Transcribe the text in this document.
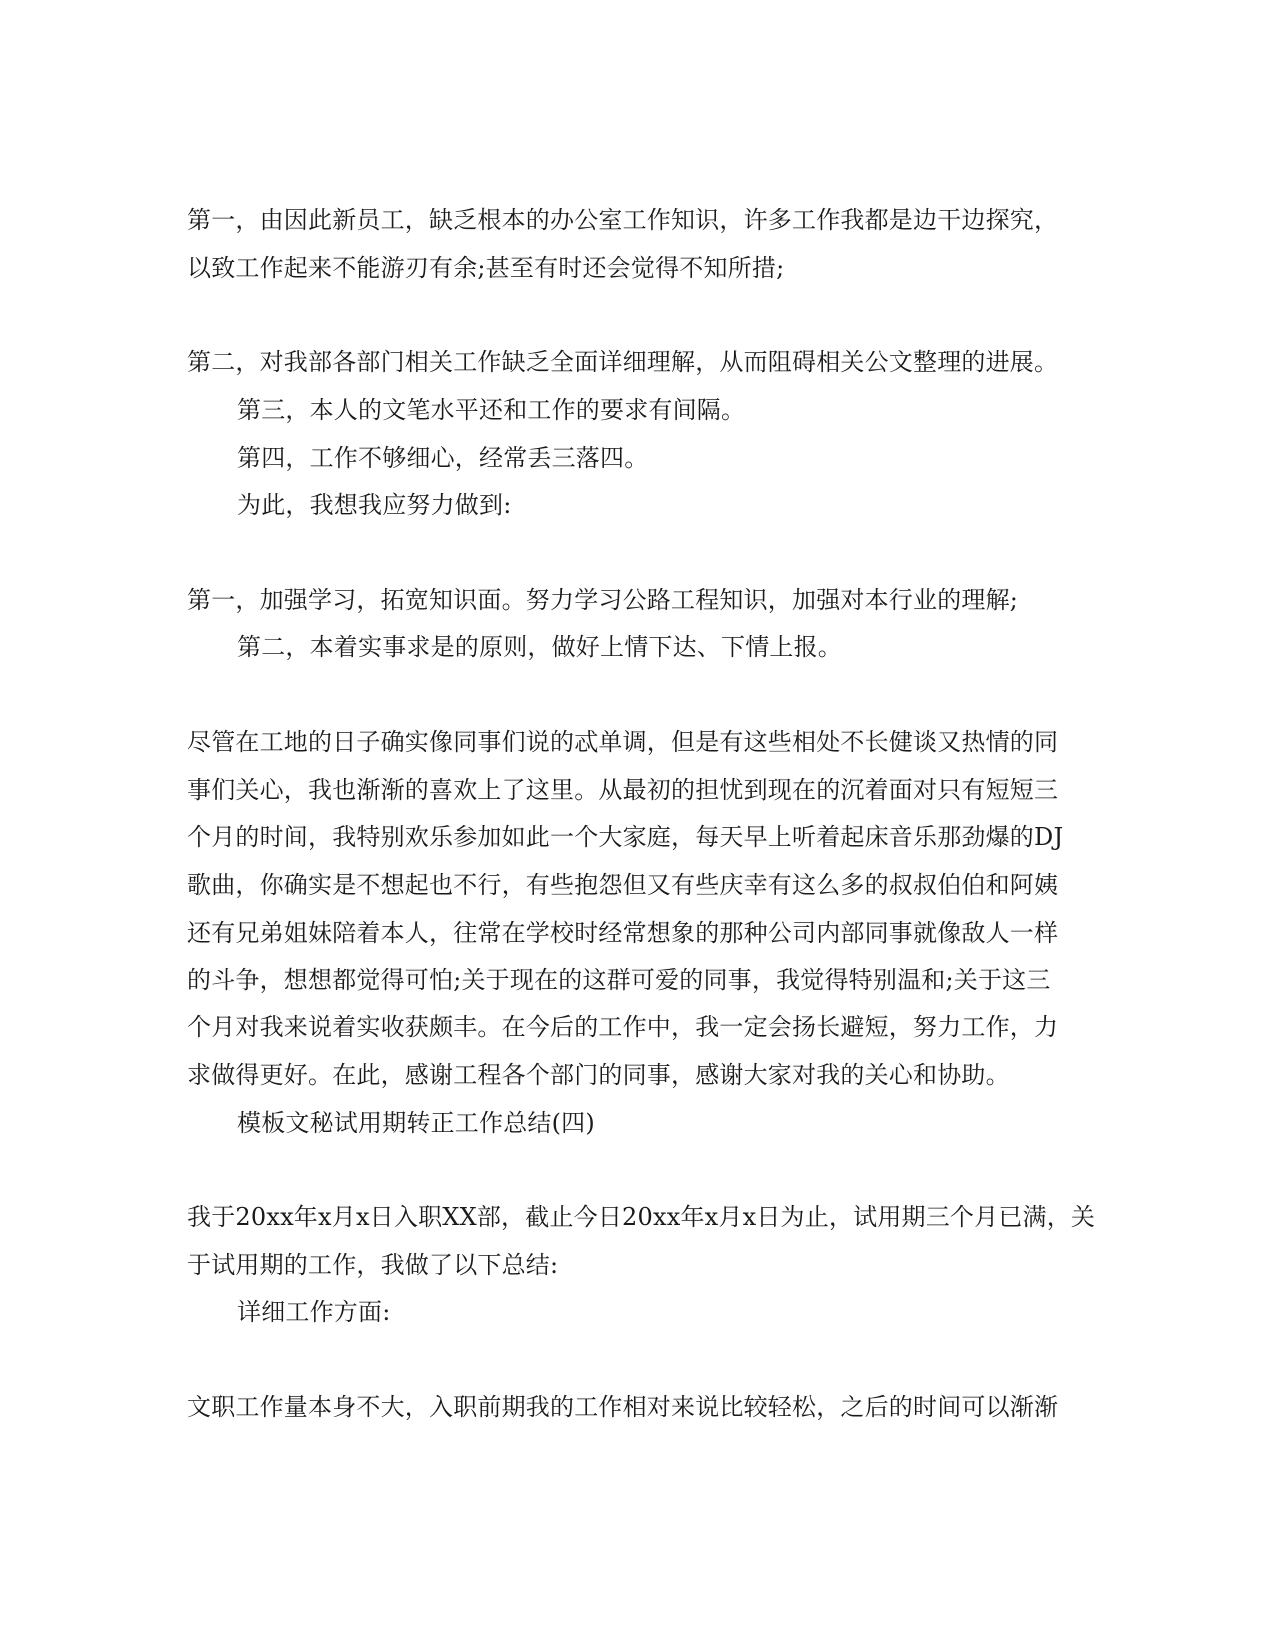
第一，由因此新员工，缺乏根本的办公室工作知识，许多工作我都是边干边探究，
以致工作起来不能游刃有余;甚至有时还会觉得不知所措;
第二，对我部各部门相关工作缺乏全面详细理解，从而阻碍相关公文整理的进展。
第三，本人的文笔水平还和工作的要求有间隔。
第四，工作不够细心，经常丢三落四。
为此，我想我应努力做到:
第一，加强学习，拓宽知识面。努力学习公路工程知识，加强对本行业的理解;
第二，本着实事求是的原则，做好上情下达、下情上报。
尽管在工地的日子确实像同事们说的忒单调，但是有这些相处不长健谈又热情的同
事们关心，我也渐渐的喜欢上了这里。从最初的担忧到现在的沉着面对只有短短三
个月的时间，我特别欢乐参加如此一个大家庭，每天早上听着起床音乐那劲爆的DJ
歌曲，你确实是不想起也不行，有些抱怨但又有些庆幸有这么多的叔叔伯伯和阿姨
还有兄弟姐妹陪着本人，往常在学校时经常想象的那种公司内部同事就像敌人一样
的斗争，想想都觉得可怕;关于现在的这群可爱的同事，我觉得特别温和;关于这三
个月对我来说着实收获颇丰。在今后的工作中，我一定会扬长避短，努力工作，力
求做得更好。在此，感谢工程各个部门的同事，感谢大家对我的关心和协助。
模板文秘试用期转正工作总结(四)
我于20xx年x月x日入职XX部，截止今日20xx年x月x日为止，试用期三个月已满，关
于试用期的工作，我做了以下总结:
详细工作方面:
文职工作量本身不大，入职前期我的工作相对来说比较轻松，之后的时间可以渐渐
